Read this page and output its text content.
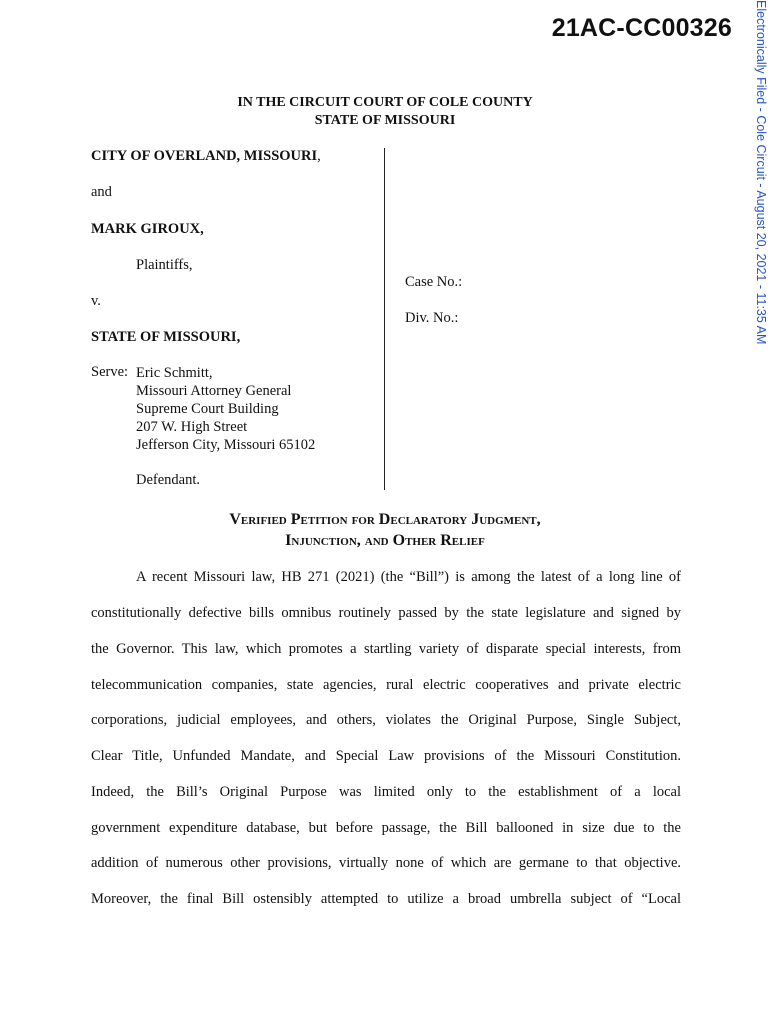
21AC-CC00326 Electronically Filed - Cole Circuit - August 20, 2021 - 11:35 AM
IN THE CIRCUIT COURT OF COLE COUNTY
STATE OF MISSOURI
CITY OF OVERLAND, MISSOURI,
and
MARK GIROUX,
Plaintiffs,
v.
STATE OF MISSOURI,
Serve: Eric Schmitt,
Missouri Attorney General
Supreme Court Building
207 W. High Street
Jefferson City, Missouri 65102
Defendant.
Case No.:
Div. No.:
Verified Petition for Declaratory Judgment,
Injunction, and Other Relief
A recent Missouri law, HB 271 (2021) (the “Bill”) is among the latest of a long line of
constitutionally defective bills omnibus routinely passed by the state legislature and signed by
the Governor. This law, which promotes a startling variety of disparate special interests, from
telecommunication companies, state agencies, rural electric cooperatives and private electric
corporations, judicial employees, and others, violates the Original Purpose, Single Subject,
Clear Title, Unfunded Mandate, and Special Law provisions of the Missouri Constitution.
Indeed, the Bill’s Original Purpose was limited only to the establishment of a local
government expenditure database, but before passage, the Bill ballooned in size due to the
addition of numerous other provisions, virtually none of which are germane to that objective.
Moreover, the final Bill ostensibly attempted to utilize a broad umbrella subject of “Local
